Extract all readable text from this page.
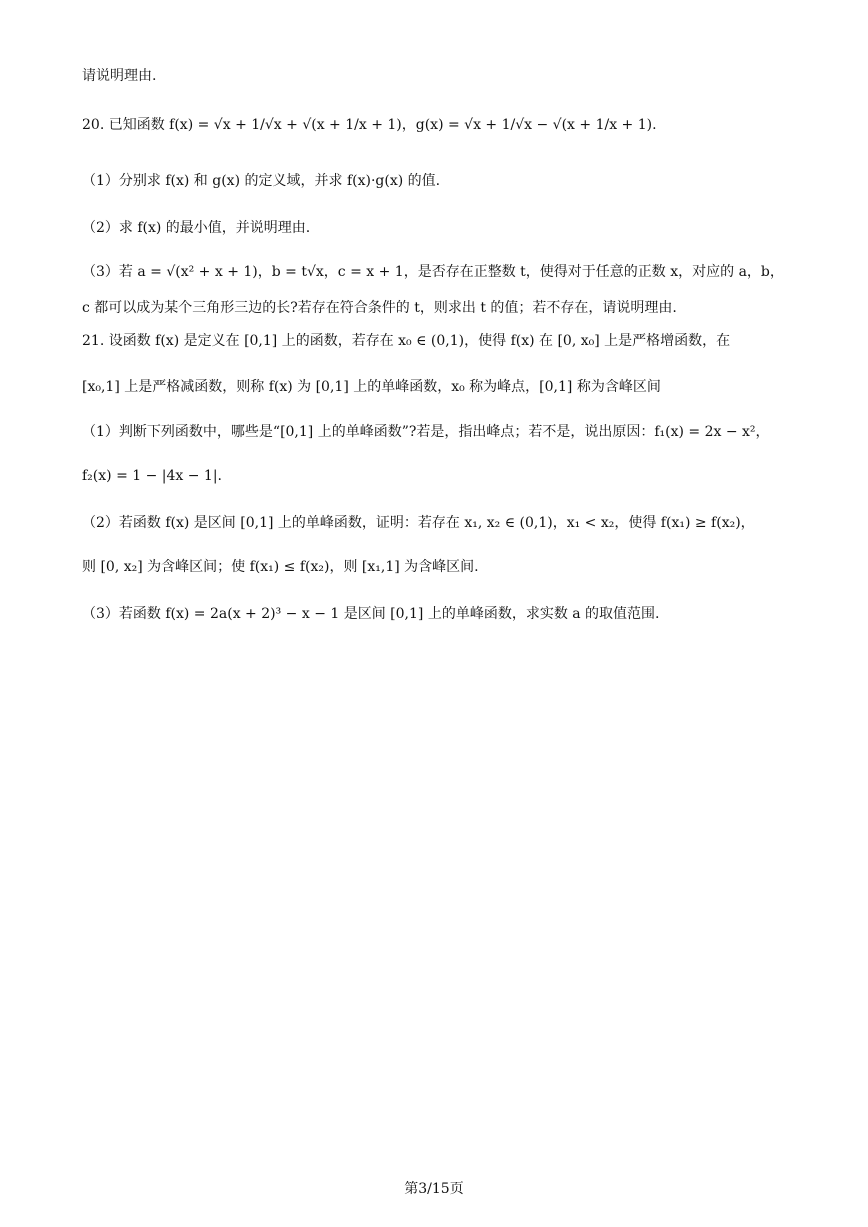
请说明理由.
20. 已知函数 f(x) = √x + 1/√x + √(x + 1/x + 1)，g(x) = √x + 1/√x − √(x + 1/x + 1).
（1）分别求 f(x) 和 g(x) 的定义域，并求 f(x)·g(x) 的值.
（2）求 f(x) 的最小值，并说明理由.
（3）若 a = √(x² + x + 1)，b = t√x，c = x + 1，是否存在正整数 t，使得对于任意的正数 x，对应的 a，b，
c 都可以成为某个三角形三边的长?若存在符合条件的 t，则求出 t 的值；若不存在，请说明理由.
21. 设函数 f(x) 是定义在 [0,1] 上的函数，若存在 x₀ ∈ (0,1)，使得 f(x) 在 [0, x₀] 上是严格增函数，在
[x₀,1] 上是严格减函数，则称 f(x) 为 [0,1] 上的单峰函数，x₀ 称为峰点，[0,1] 称为含峰区间
（1）判断下列函数中，哪些是“[0,1] 上的单峰函数”?若是，指出峰点；若不是，说出原因：f₁(x) = 2x − x²，
f₂(x) = 1 − |4x − 1|.
（2）若函数 f(x) 是区间 [0,1] 上的单峰函数，证明：若存在 x₁, x₂ ∈ (0,1)，x₁ < x₂，使得 f(x₁) ≥ f(x₂)，
则 [0, x₂] 为含峰区间；使 f(x₁) ≤ f(x₂)，则 [x₁,1] 为含峰区间.
（3）若函数 f(x) = 2a(x + 2)³ − x − 1 是区间 [0,1] 上的单峰函数，求实数 a 的取值范围.
第3/15页
